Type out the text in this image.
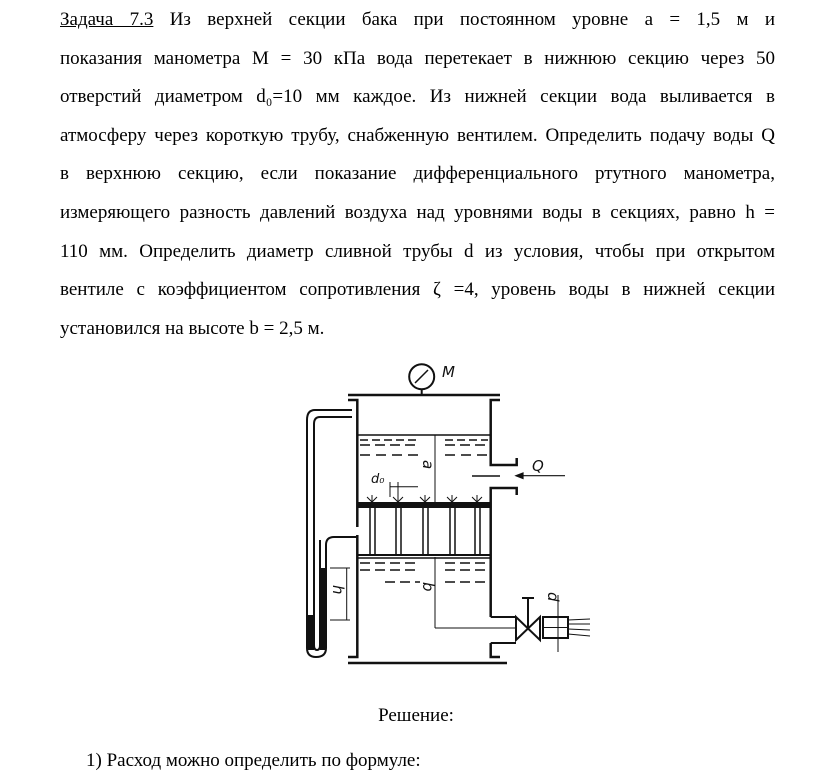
Задача 7.3 Из верхней секции бака при постоянном уровне a = 1,5 м и
показания манометра M = 30 кПа вода перетекает в нижнюю секцию через 50
отверстий диаметром d₀=10 мм каждое. Из нижней секции вода выливается в
атмосферу через короткую трубу, снабженную вентилем. Определить подачу воды Q
в верхнюю секцию, если показание дифференциального ртутного манометра,
измеряющего разность давлений воздуха над уровнями воды в секциях, равно h =
110 мм. Определить диаметр сливной трубы d из условия, чтобы при открытом
вентиле с коэффициентом сопротивления ζ =4, уровень воды в нижней секции
установился на высоте b = 2,5 м.
M
Q
d₀
a
b
h
d
Решение:
1) Расход можно определить по формуле:
